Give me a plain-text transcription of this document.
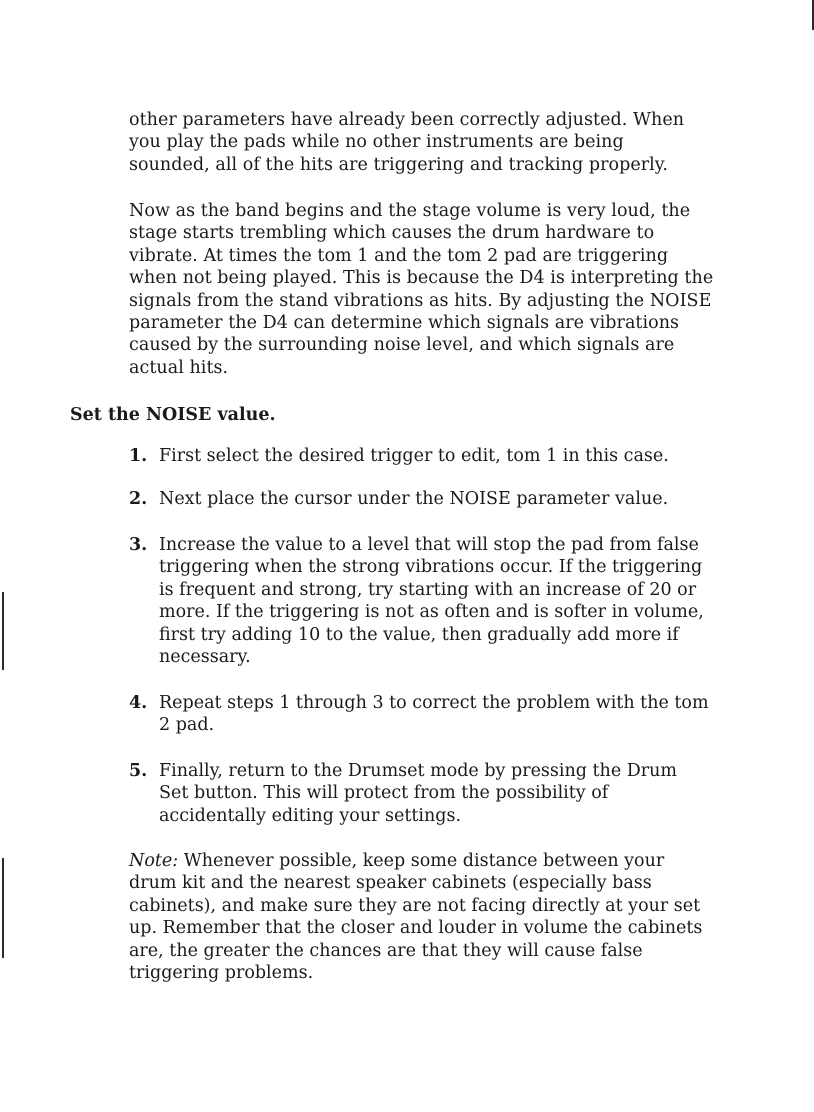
other parameters have already been correctly adjusted. When
you play the pads while no other instruments are being
sounded, all of the hits are triggering and tracking properly.

Now as the band begins and the stage volume is very loud, the
stage starts trembling which causes the drum hardware to
vibrate. At times the tom 1 and the tom 2 pad are triggering
when not being played. This is because the D4 is interpreting the
signals from the stand vibrations as hits. By adjusting the NOISE
parameter the D4 can determine which signals are vibrations
caused by the surrounding noise level, and which signals are
actual hits.

Set the NOISE value.

1. First select the desired trigger to edit, tom 1 in this case.
2. Next place the cursor under the NOISE parameter value.
3. Increase the value to a level that will stop the pad from false
triggering when the strong vibrations occur. If the triggering
is frequent and strong, try starting with an increase of 20 or
more. If the triggering is not as often and is softer in volume,
first try adding 10 to the value, then gradually add more if
necessary.
4. Repeat steps 1 through 3 to correct the problem with the tom
2 pad.
5. Finally, return to the Drumset mode by pressing the Drum
Set button. This will protect from the possibility of
accidentally editing your settings.

Note: Whenever possible, keep some distance between your
drum kit and the nearest speaker cabinets (especially bass
cabinets), and make sure they are not facing directly at your set
up. Remember that the closer and louder in volume the cabinets
are, the greater the chances are that they will cause false
triggering problems.
